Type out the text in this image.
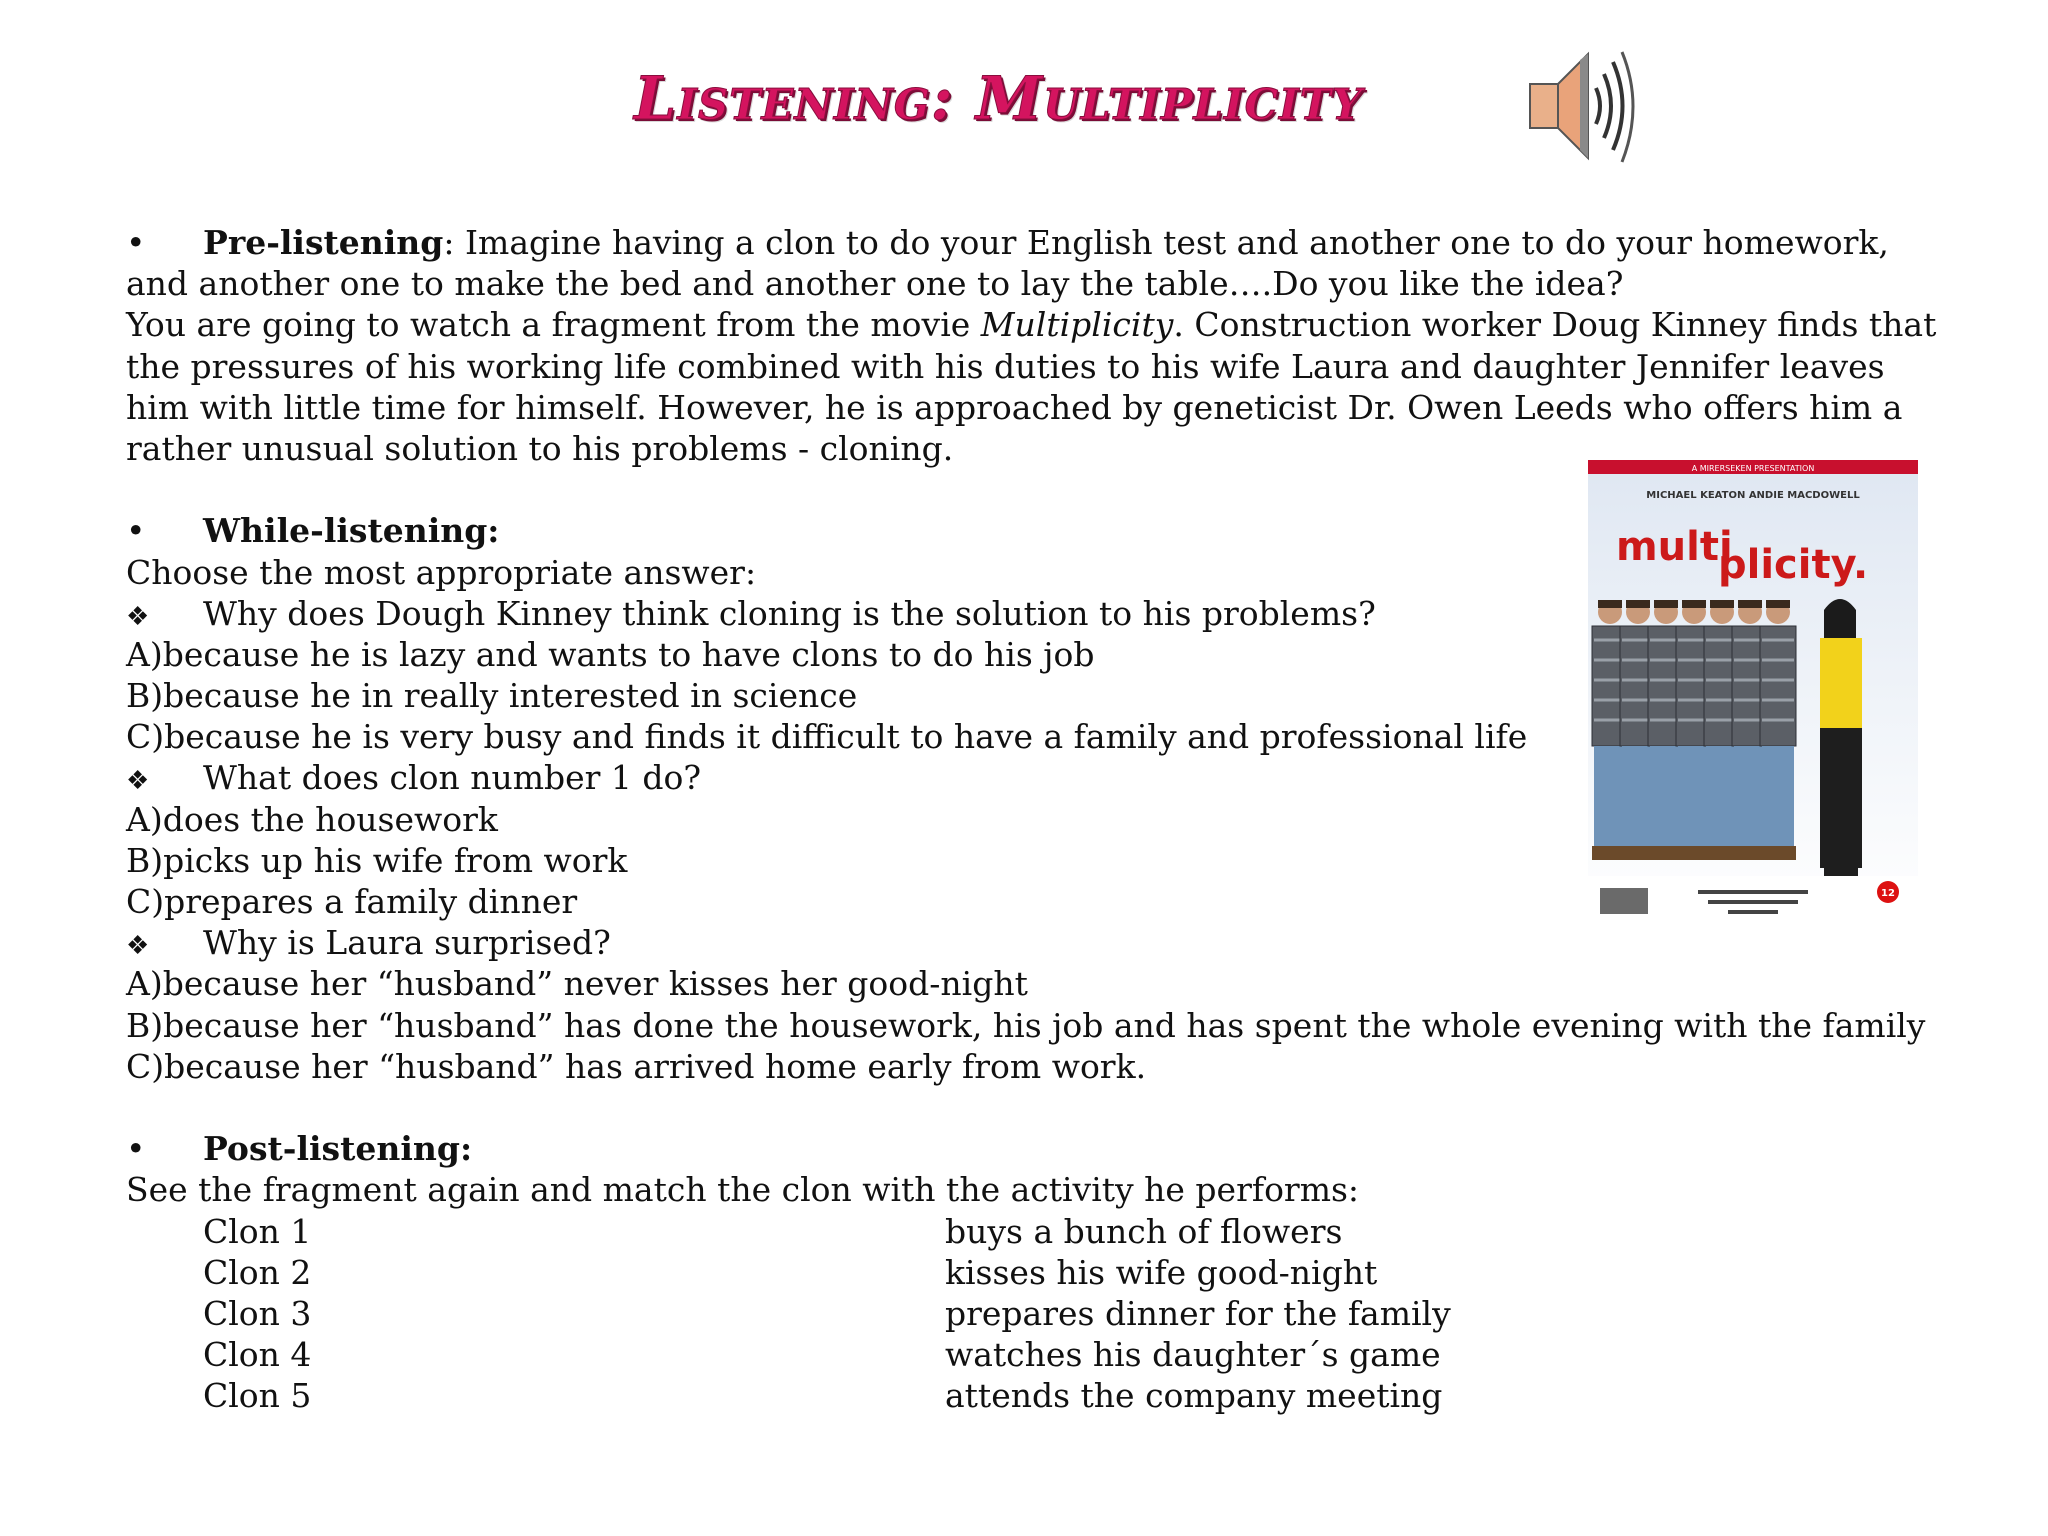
Listening: Multiplicity
• Pre-listening: Imagine having a clon to do your English test and another one to do your homework,
and another one to make the bed and another one to lay the table….Do you like the idea?
You are going to watch a fragment from the movie Multiplicity. Construction worker Doug Kinney finds that
the pressures of his working life combined with his duties to his wife Laura and daughter Jennifer leaves
him with little time for himself. However, he is approached by geneticist Dr. Owen Leeds who offers him a
rather unusual solution to his problems - cloning.
• While-listening:
Choose the most appropriate answer:
❖ Why does Dough Kinney think cloning is the solution to his problems?
A)because he is lazy and wants to have clons to do his job
B)because he in really interested in science
C)because he is very busy and finds it difficult to have a family and professional life
❖ What does clon number 1 do?
A)does the housework
B)picks up his wife from work
C)prepares a family dinner
❖ Why is Laura surprised?
A)because her “husband” never kisses her good-night
B)because her “husband” has done the housework, his job and has spent the whole evening with the family
C)because her “husband” has arrived home early from work.
• Post-listening:
See the fragment again and match the clon with the activity he performs:
Clon 1	buys a bunch of flowers
Clon 2	kisses his wife good-night
Clon 3	prepares dinner for the family
Clon 4	watches his daughter´s game
Clon 5	attends the company meeting
A MIRERSEKEN PRESENTATION
MICHAEL KEATON ANDIE MACDOWELL
multi
plicity.
12
